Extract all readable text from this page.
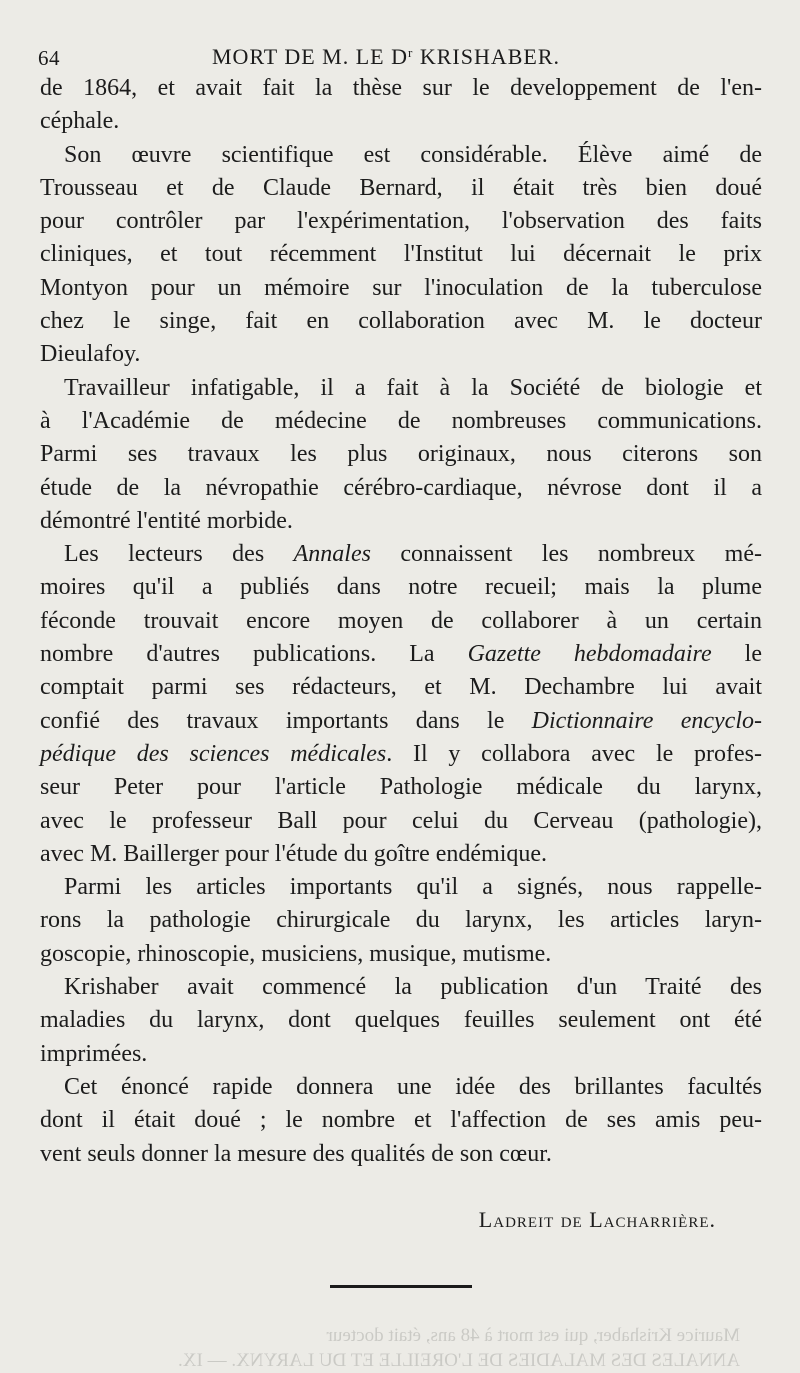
64	MORT DE M. LE $D^r$ KRISHABER.
de 1864, et avait fait la thèse sur le developpement de l'en-
céphale.
Son œuvre scientifique est considérable. Élève aimé de
Trousseau et de Claude Bernard, il était très bien doué
pour contrôler par l'expérimentation, l'observation des faits
cliniques, et tout récemment l'Institut lui décernait le prix
Montyon pour un mémoire sur l'inoculation de la tuberculose
chez le singe, fait en collaboration avec M. le docteur
Dieulafoy.
Travailleur infatigable, il a fait à la Société de biologie et
à l'Académie de médecine de nombreuses communications.
Parmi ses travaux les plus originaux, nous citerons son
étude de la névropathie cérébro-cardiaque, névrose dont il a
démontré l'entité morbide.
Les lecteurs des Annales connaissent les nombreux mé-
moires qu'il a publiés dans notre recueil; mais la plume
féconde trouvait encore moyen de collaborer à un certain
nombre d'autres publications. La Gazette hebdomadaire le
comptait parmi ses rédacteurs, et M. Dechambre lui avait
confié des travaux importants dans le Dictionnaire encyclo-
pédique des sciences médicales. Il y collabora avec le profes-
seur Peter pour l'article Pathologie médicale du larynx,
avec le professeur Ball pour celui du Cerveau (pathologie),
avec M. Baillerger pour l'étude du goître endémique.
Parmi les articles importants qu'il a signés, nous rappelle-
rons la pathologie chirurgicale du larynx, les articles laryn-
goscopie, rhinoscopie, musiciens, musique, mutisme.
Krishaber avait commencé la publication d'un Traité des
maladies du larynx, dont quelques feuilles seulement ont été
imprimées.
Cet énoncé rapide donnera une idée des brillantes facultés
dont il était doué ; le nombre et l'affection de ses amis peu-
vent seuls donner la mesure des qualités de son cœur.
Ladreit de Lacharrière.
Maurice Krishaber, qui est mort à 48 ans, était docteur
ANNALES DES MALADIES DE L'OREILLE ET DU LARYNX. — IX.
